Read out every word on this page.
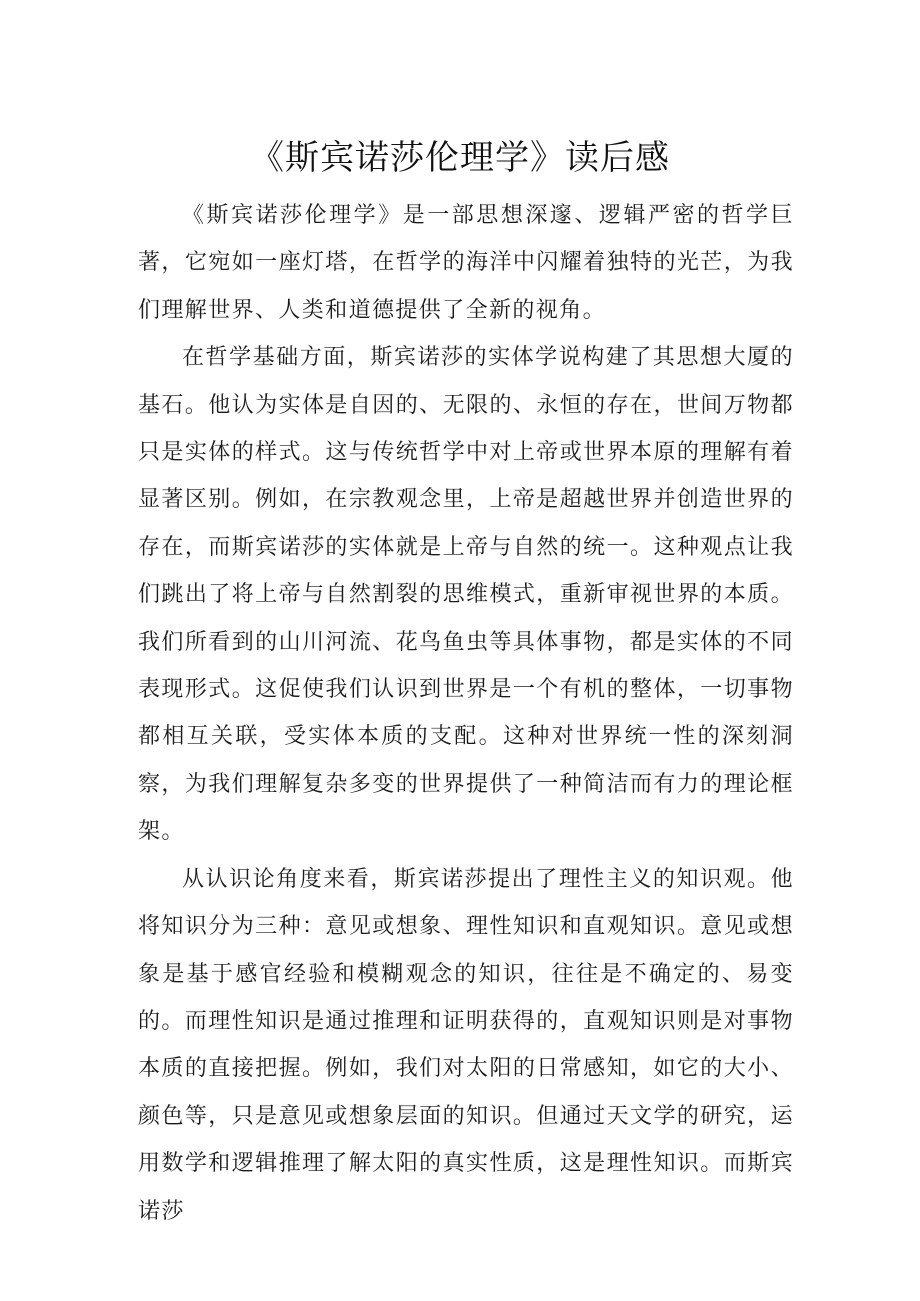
《斯宾诺莎伦理学》读后感

《斯宾诺莎伦理学》是一部思想深邃、逻辑严密的哲学巨著，它宛如一座灯塔，在哲学的海洋中闪耀着独特的光芒，为我们理解世界、人类和道德提供了全新的视角。

在哲学基础方面，斯宾诺莎的实体学说构建了其思想大厦的基石。他认为实体是自因的、无限的、永恒的存在，世间万物都只是实体的样式。这与传统哲学中对上帝或世界本原的理解有着显著区别。例如，在宗教观念里，上帝是超越世界并创造世界的存在，而斯宾诺莎的实体就是上帝与自然的统一。这种观点让我们跳出了将上帝与自然割裂的思维模式，重新审视世界的本质。我们所看到的山川河流、花鸟鱼虫等具体事物，都是实体的不同表现形式。这促使我们认识到世界是一个有机的整体，一切事物都相互关联，受实体本质的支配。这种对世界统一性的深刻洞察，为我们理解复杂多变的世界提供了一种简洁而有力的理论框架。

从认识论角度来看，斯宾诺莎提出了理性主义的知识观。他将知识分为三种：意见或想象、理性知识和直观知识。意见或想象是基于感官经验和模糊观念的知识，往往是不确定的、易变的。而理性知识是通过推理和证明获得的，直观知识则是对事物本质的直接把握。例如，我们对太阳的日常感知，如它的大小、颜色等，只是意见或想象层面的知识。但通过天文学的研究，运用数学和逻辑推理了解太阳的真实性质，这是理性知识。而斯宾诺莎
